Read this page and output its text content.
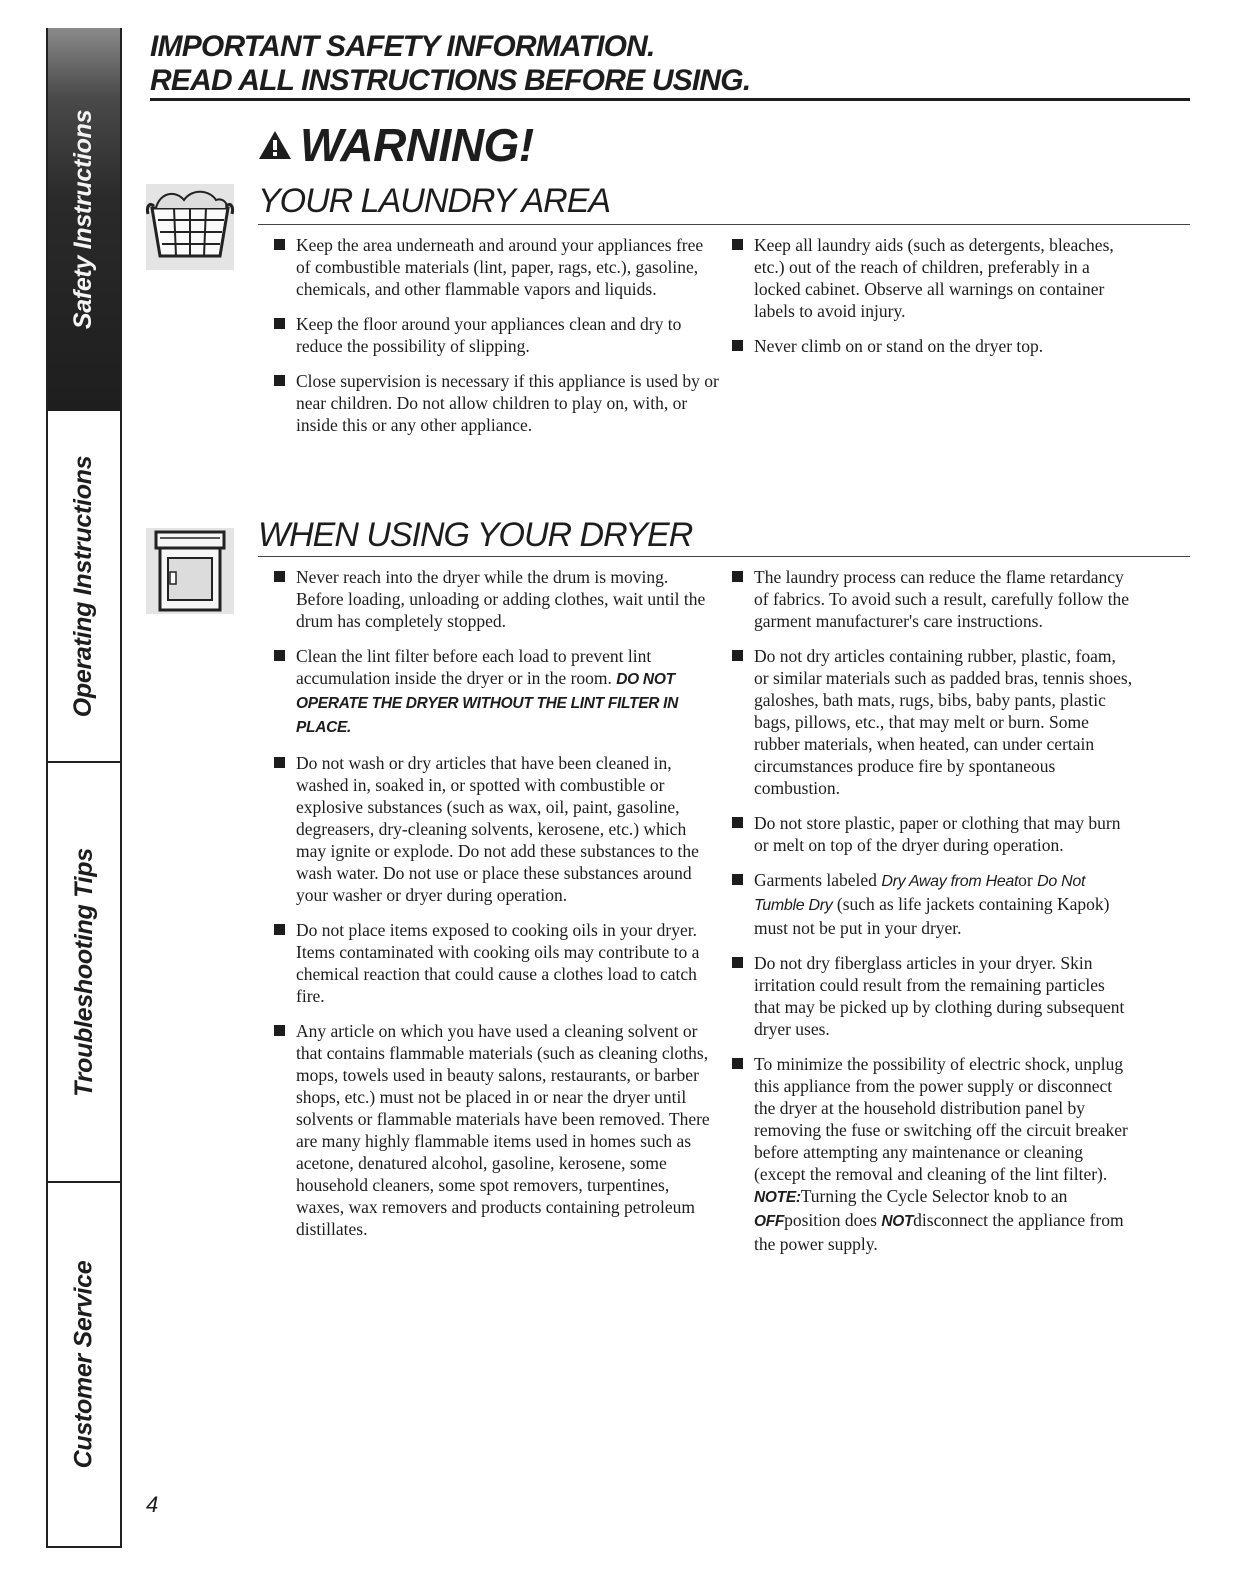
Safety Instructions
Operating Instructions
Troubleshooting Tips
Customer Service
IMPORTANT SAFETY INFORMATION.
READ ALL INSTRUCTIONS BEFORE USING.
WARNING!
YOUR LAUNDRY AREA
Keep the area underneath and around your appliances free of combustible materials (lint, paper, rags, etc.), gasoline, chemicals, and other flammable vapors and liquids.
Keep the floor around your appliances clean and dry to reduce the possibility of slipping.
Close supervision is necessary if this appliance is used by or near children. Do not allow children to play on, with, or inside this or any other appliance.
Keep all laundry aids (such as detergents, bleaches, etc.) out of the reach of children, preferably in a locked cabinet. Observe all warnings on container labels to avoid injury.
Never climb on or stand on the dryer top.
WHEN USING YOUR DRYER
Never reach into the dryer while the drum is moving. Before loading, unloading or adding clothes, wait until the drum has completely stopped.
Clean the lint filter before each load to prevent lint accumulation inside the dryer or in the room. DO NOT OPERATE THE DRYER WITHOUT THE LINT FILTER IN PLACE.
Do not wash or dry articles that have been cleaned in, washed in, soaked in, or spotted with combustible or explosive substances (such as wax, oil, paint, gasoline, degreasers, dry-cleaning solvents, kerosene, etc.) which may ignite or explode. Do not add these substances to the wash water. Do not use or place these substances around your washer or dryer during operation.
Do not place items exposed to cooking oils in your dryer. Items contaminated with cooking oils may contribute to a chemical reaction that could cause a clothes load to catch fire.
Any article on which you have used a cleaning solvent or that contains flammable materials (such as cleaning cloths, mops, towels used in beauty salons, restaurants, or barber shops, etc.) must not be placed in or near the dryer until solvents or flammable materials have been removed. There are many highly flammable items used in homes such as acetone, denatured alcohol, gasoline, kerosene, some household cleaners, some spot removers, turpentines, waxes, wax removers and products containing petroleum distillates.
The laundry process can reduce the flame retardancy of fabrics. To avoid such a result, carefully follow the garment manufacturer's care instructions.
Do not dry articles containing rubber, plastic, foam, or similar materials such as padded bras, tennis shoes, galoshes, bath mats, rugs, bibs, baby pants, plastic bags, pillows, etc., that may melt or burn. Some rubber materials, when heated, can under certain circumstances produce fire by spontaneous combustion.
Do not store plastic, paper or clothing that may burn or melt on top of the dryer during operation.
Garments labeled Dry Away from Heator Do Not Tumble Dry (such as life jackets containing Kapok) must not be put in your dryer.
Do not dry fiberglass articles in your dryer. Skin irritation could result from the remaining particles that may be picked up by clothing during subsequent dryer uses.
To minimize the possibility of electric shock, unplug this appliance from the power supply or disconnect the dryer at the household distribution panel by removing the fuse or switching off the circuit breaker before attempting any maintenance or cleaning (except the removal and cleaning of the lint filter). NOTE:Turning the Cycle Selector knob to an OFFposition does NOTdisconnect the appliance from the power supply.
4
